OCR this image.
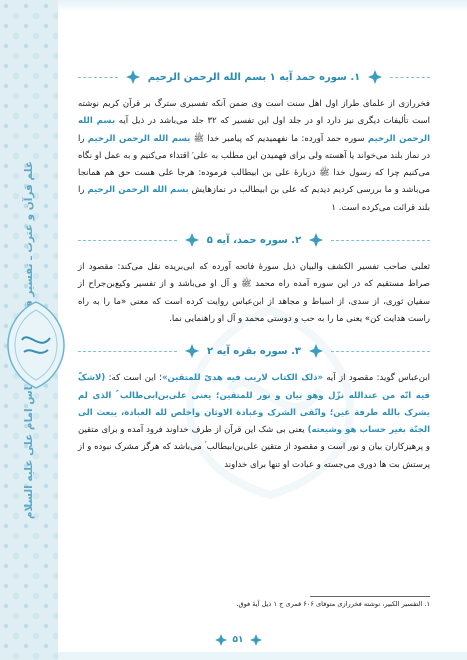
۱. سوره حمد آیه ۱ بسم الله الرحمن الرحیم

فخررازی از علمای طراز اول اهل سنت است وی ضمن آنکه تفسیری سترگ بر قرآن کریم نوشته است تألیفات دیگری نیز دارد او در جلد اول این تفسیر که ۳۲ جلد می‌باشد در ذیل آیه بسم الله الرحمن الرحیم سوره حمد آورده: ما نفهمیدیم که پیامبر خدا ﷺ بسم الله الرحمن الرحیم را در نماز بلند می‌خواند یا آهسته ولی برای فهمیدن این مطلب به علی ؑ اقتداء می‌کنیم و به عمل او نگاه می‌کنیم چرا که رسول خدا ﷺ دربارهٔ علی بن ابیطالب فرموده: هرجا علی هست حق هم همانجا می‌باشد و ما بررسی کردیم دیدیم که علی بن ابیطالب در نمازهایش بسم الله الرحمن الرحیم را بلند قرائت می‌کرده است. ۱

۲. سوره حمد، آیه ۵

ثعلبی صاحب تفسیر الکشف والبیان ذیل سورهٔ فاتحه آورده که ابی‌بریده نقل می‌کند: مقصود از صراط مستقیم که در این سوره آمده راه محمد ﷺ و آل او می‌باشد و از تفسیر وکیع‌بن‌جراح از سفیان ثوری، از سدی، از اسباط و مجاهد از ابن‌عباس روایت کرده است که معنی «ما را به راه راست هدایت کن» یعنی ما را به حب و دوستی محمد و آل او راهنمایی نما.

۳. سوره بقره آیه ۲

ابن‌عباس گوید: مقصود از آیه «ذلک الکتاب لاریب فیه هدیً للمتقین»؛ این است که: (لاشکّ فیه انّه من عندالله نزّل وهو بیان و نور للمتقین؛ یعنی علی‌بن‌ابی‌طالب ؑ الذی لم یشرک بالله طرفة عین؛ واتّقی الشرک وعبادة الاوثان واخلص لله العبادة، یبعث الی الجنّة بغیر حساب هو وشیعته) یعنی بی شک این قرآن از طرف خداوند فرود آمده و برای متقین و پرهیزکاران بیان و نور است و مقصود از متقین علی‌بن‌ابیطالب ؑ می‌باشد که هرگز مشرک نبوده و از پرستش بت ها دوری می‌جسته و عبادت او تنها برای خداوند

۱. التفسیر الکبیر، نوشته فخررازی متوفای ۶۰۶ قمری ج ۱ ذیل آیهٔ فوق.
۵۱
